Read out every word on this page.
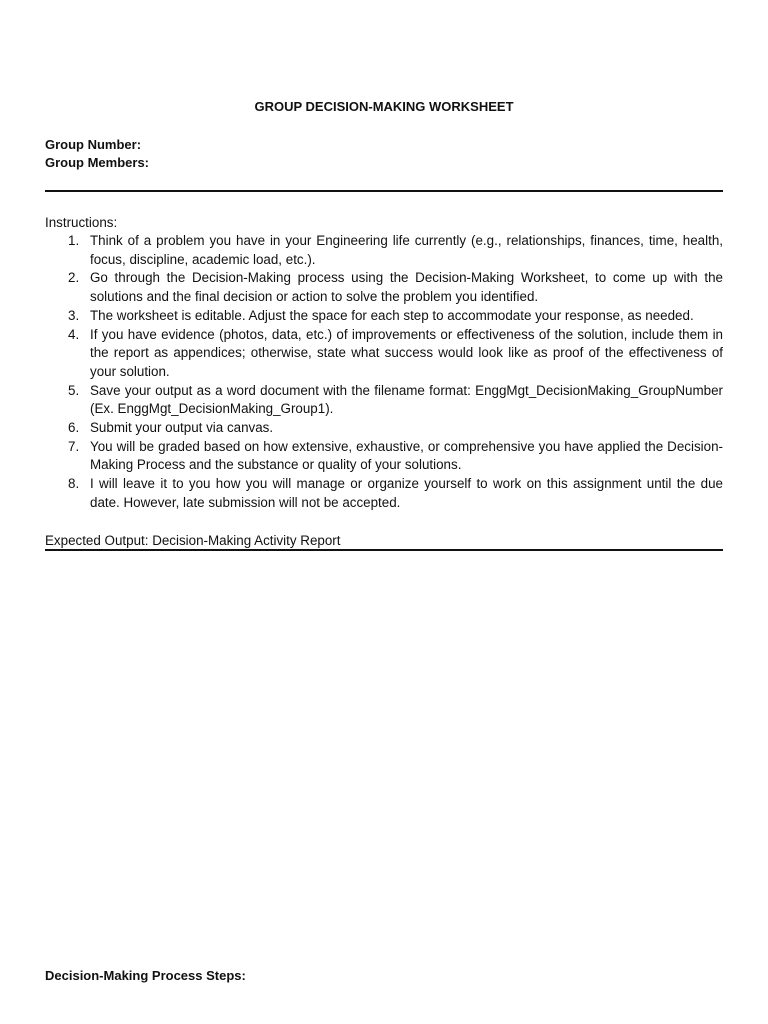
GROUP DECISION-MAKING WORKSHEET
Group Number:
Group Members:
Instructions:
1. Think of a problem you have in your Engineering life currently (e.g., relationships, finances, time, health, focus, discipline, academic load, etc.).
2. Go through the Decision-Making process using the Decision-Making Worksheet, to come up with the solutions and the final decision or action to solve the problem you identified.
3. The worksheet is editable. Adjust the space for each step to accommodate your response, as needed.
4. If you have evidence (photos, data, etc.) of improvements or effectiveness of the solution, include them in the report as appendices; otherwise, state what success would look like as proof of the effectiveness of your solution.
5. Save your output as a word document with the filename format: EnggMgt_DecisionMaking_GroupNumber (Ex. EnggMgt_DecisionMaking_Group1).
6. Submit your output via canvas.
7. You will be graded based on how extensive, exhaustive, or comprehensive you have applied the Decision-Making Process and the substance or quality of your solutions.
8. I will leave it to you how you will manage or organize yourself to work on this assignment until the due date. However, late submission will not be accepted.
Expected Output: Decision-Making Activity Report
Decision-Making Process Steps:
